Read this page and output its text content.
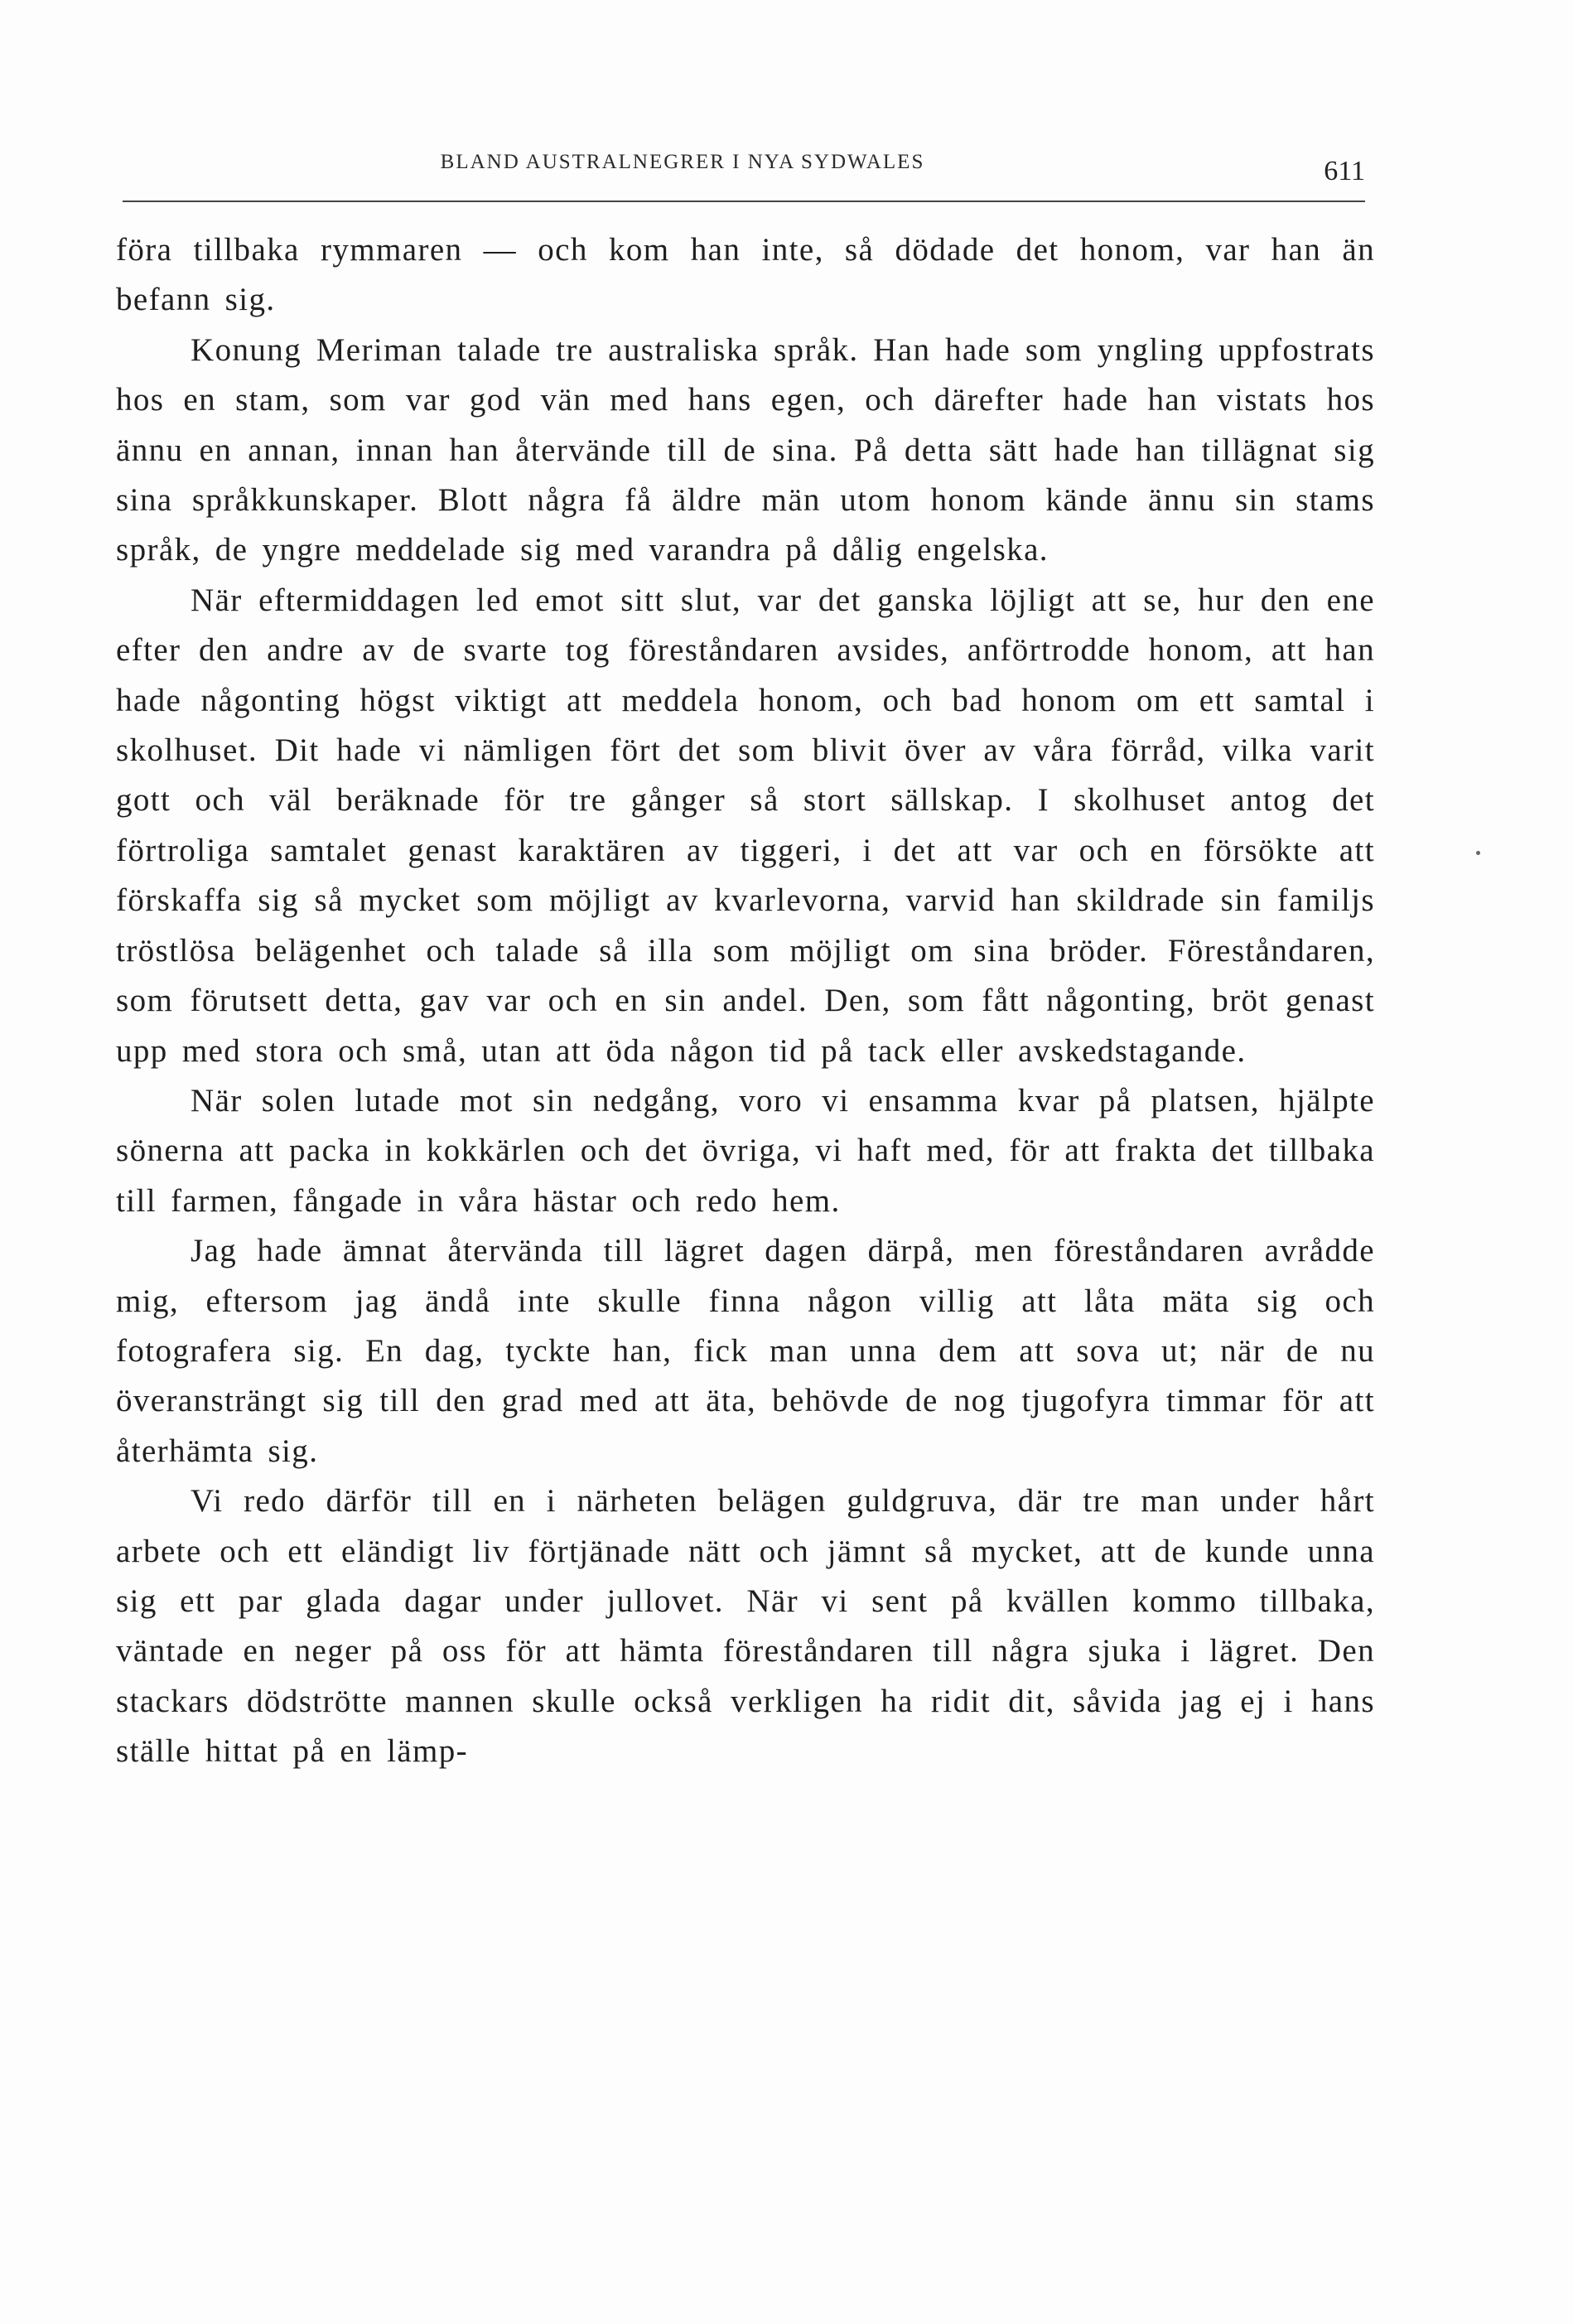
BLAND AUSTRALNEGRER I NYA SYDWALES	611

föra tillbaka rymmaren — och kom han inte, så dödade det honom, var han än befann sig.

Konung Meriman talade tre australiska språk. Han hade som yngling uppfostrats hos en stam, som var god vän med hans egen, och därefter hade han vistats hos ännu en annan, innan han återvände till de sina. På detta sätt hade han tillägnat sig sina språkkunskaper. Blott några få äldre män utom honom kände ännu sin stams språk, de yngre meddelade sig med varandra på dålig engelska.

När eftermiddagen led emot sitt slut, var det ganska löjligt att se, hur den ene efter den andre av de svarte tog föreståndaren avsides, anförtrodde honom, att han hade någonting högst viktigt att meddela honom, och bad honom om ett samtal i skolhuset. Dit hade vi nämligen fört det som blivit över av våra förråd, vilka varit gott och väl beräknade för tre gånger så stort sällskap. I skolhuset antog det förtroliga samtalet genast karaktären av tiggeri, i det att var och en försökte att förskaffa sig så mycket som möjligt av kvarlevorna, varvid han skildrade sin familjs tröstlösa belägenhet och talade så illa som möjligt om sina bröder. Föreståndaren, som förutsett detta, gav var och en sin andel. Den, som fått någonting, bröt genast upp med stora och små, utan att öda någon tid på tack eller avskedstagande.

När solen lutade mot sin nedgång, voro vi ensamma kvar på platsen, hjälpte sönerna att packa in kokkärlen och det övriga, vi haft med, för att frakta det tillbaka till farmen, fångade in våra hästar och redo hem.

Jag hade ämnat återvända till lägret dagen därpå, men föreståndaren avrådde mig, eftersom jag ändå inte skulle finna någon villig att låta mäta sig och fotografera sig. En dag, tyckte han, fick man unna dem att sova ut; när de nu överansträngt sig till den grad med att äta, behövde de nog tjugofyra timmar för att återhämta sig.

Vi redo därför till en i närheten belägen guldgruva, där tre man under hårt arbete och ett eländigt liv förtjänade nätt och jämnt så mycket, att de kunde unna sig ett par glada dagar under jullovet. När vi sent på kvällen kommo tillbaka, väntade en neger på oss för att hämta föreståndaren till några sjuka i lägret. Den stackars dödströtte mannen skulle också verkligen ha ridit dit, såvida jag ej i hans ställe hittat på en lämp-
